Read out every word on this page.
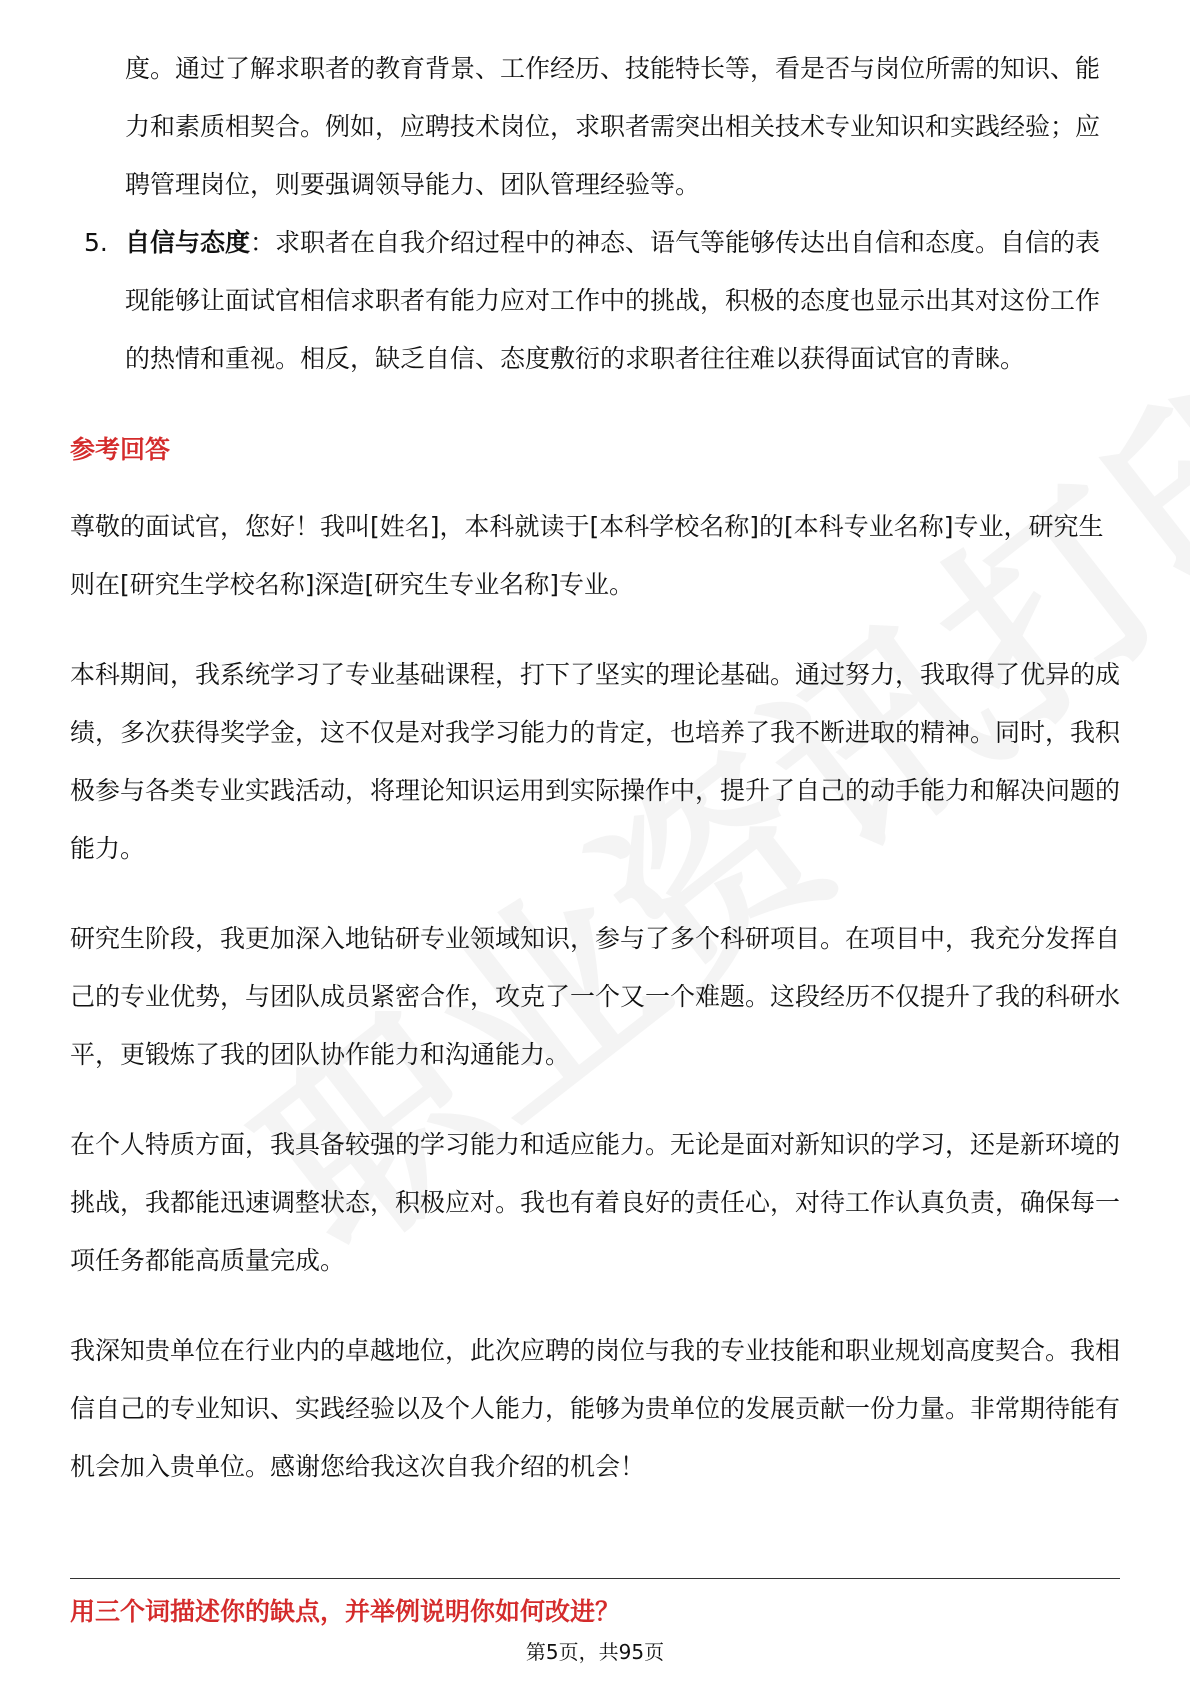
度。通过了解求职者的教育背景、工作经历、技能特长等，看是否与岗位所需的知识、能力和素质相契合。例如，应聘技术岗位，求职者需突出相关技术专业知识和实践经验；应聘管理岗位，则要强调领导能力、团队管理经验等。
5. 自信与态度：求职者在自我介绍过程中的神态、语气等能够传达出自信和态度。自信的表现能够让面试官相信求职者有能力应对工作中的挑战，积极的态度也显示出其对这份工作的热情和重视。相反，缺乏自信、态度敷衍的求职者往往难以获得面试官的青睐。
参考回答
尊敬的面试官，您好！我叫[姓名]，本科就读于[本科学校名称]的[本科专业名称]专业，研究生则在[研究生学校名称]深造[研究生专业名称]专业。
本科期间，我系统学习了专业基础课程，打下了坚实的理论基础。通过努力，我取得了优异的成绩，多次获得奖学金，这不仅是对我学习能力的肯定，也培养了我不断进取的精神。同时，我积极参与各类专业实践活动，将理论知识运用到实际操作中，提升了自己的动手能力和解决问题的能力。
研究生阶段，我更加深入地钻研专业领域知识，参与了多个科研项目。在项目中，我充分发挥自己的专业优势，与团队成员紧密合作，攻克了一个又一个难题。这段经历不仅提升了我的科研水平，更锻炼了我的团队协作能力和沟通能力。
在个人特质方面，我具备较强的学习能力和适应能力。无论是面对新知识的学习，还是新环境的挑战，我都能迅速调整状态，积极应对。我也有着良好的责任心，对待工作认真负责，确保每一项任务都能高质量完成。
我深知贵单位在行业内的卓越地位，此次应聘的岗位与我的专业技能和职业规划高度契合。我相信自己的专业知识、实践经验以及个人能力，能够为贵单位的发展贡献一份力量。非常期待能有机会加入贵单位。感谢您给我这次自我介绍的机会！
用三个词描述你的缺点，并举例说明你如何改进？
第5页，共95页
